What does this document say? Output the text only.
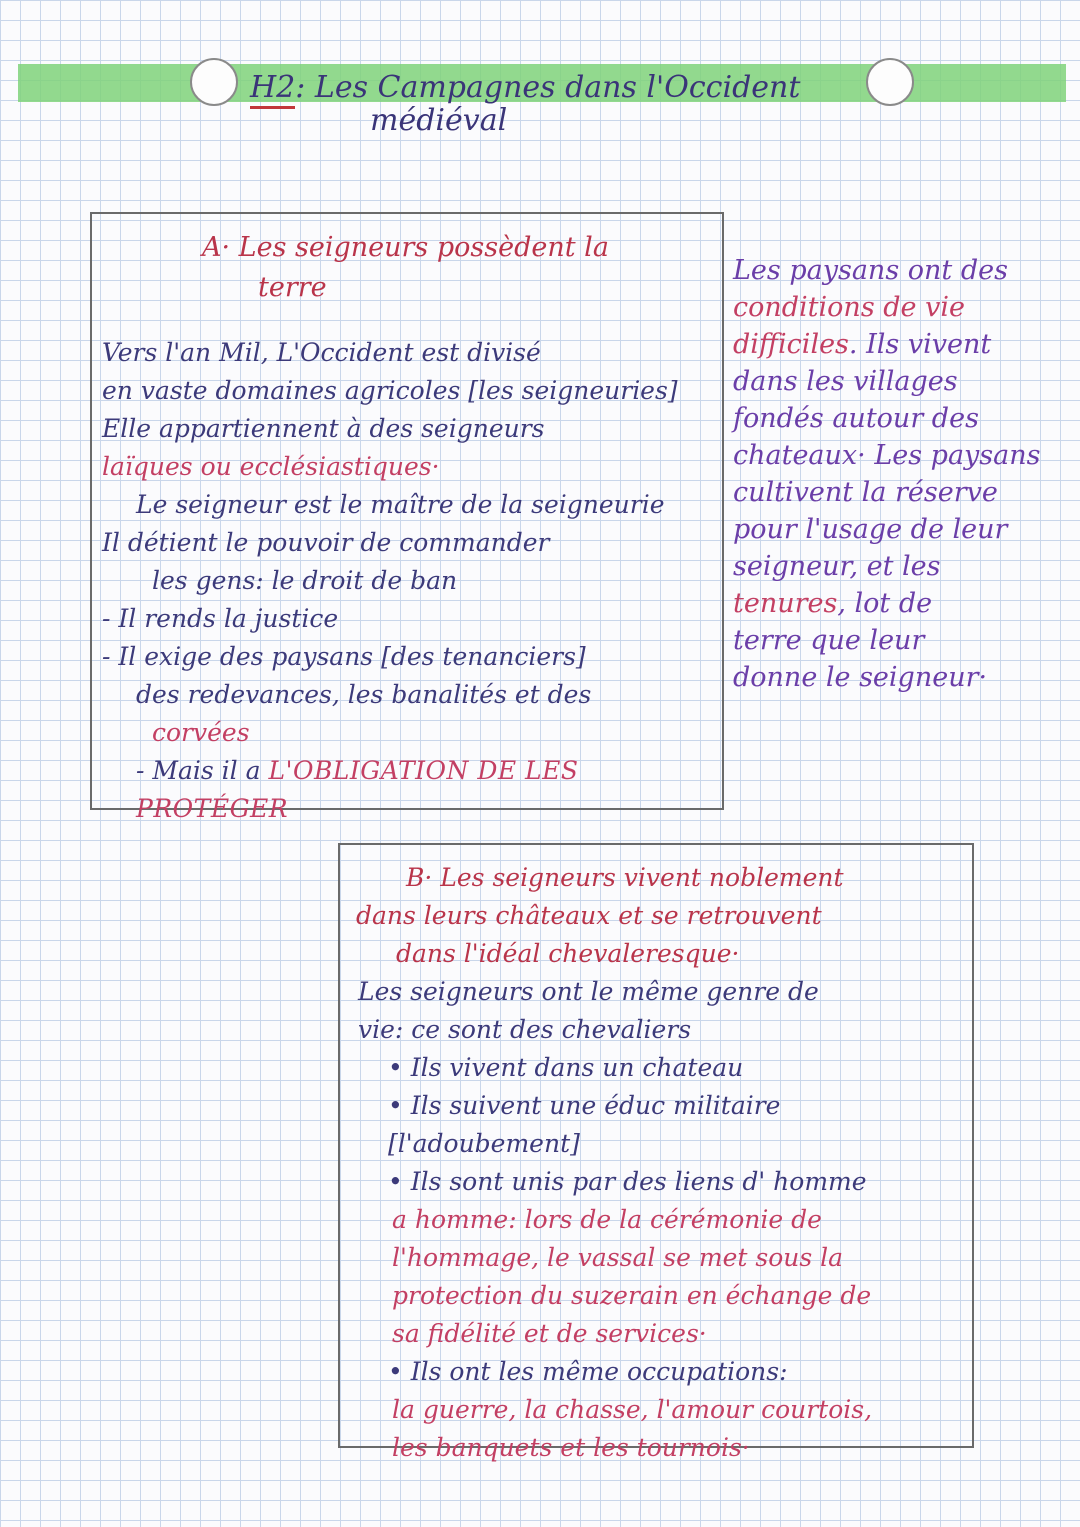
H2: Les Campagnes dans l'Occident
médiéval
A· Les seigneurs possèdent la
terre

Vers l'an Mil, L'Occident est divisé

en vaste domaines agricoles [les seigneuries]

Elle appartiennent à des seigneurs

laïques ou ecclésiastiques·

Le seigneur est le maître de la seigneurie

Il détient le pouvoir de commander

les gens: le droit de ban

- Il rends la justice

- Il exige des paysans [des tenanciers]

des redevances, les banalités et des

corvées

- Mais il a L'OBLIGATION DE LES PROTÉGER

Les paysans ont des
conditions de vie
difficiles. Ils vivent
dans les villages
fondés autour des
chateaux· Les paysans
cultivent la réserve
pour l'usage de leur
seigneur, et les
tenures, lot de
terre que leur
donne le seigneur·

B· Les seigneurs vivent noblement

dans leurs châteaux et se retrouvent

dans l'idéal chevaleresque·

Les seigneurs ont le même genre de

vie: ce sont des chevaliers

• Ils vivent dans un chateau

• Ils suivent une éduc militaire [l'adoubement]

• Ils sont unis par des liens d' homme

a homme: lors de la cérémonie de

l'hommage, le vassal se met sous la

protection du suzerain en échange de

sa fidélité et de services·

• Ils ont les même occupations:

la guerre, la chasse, l'amour courtois,

les banquets et les tournois·
